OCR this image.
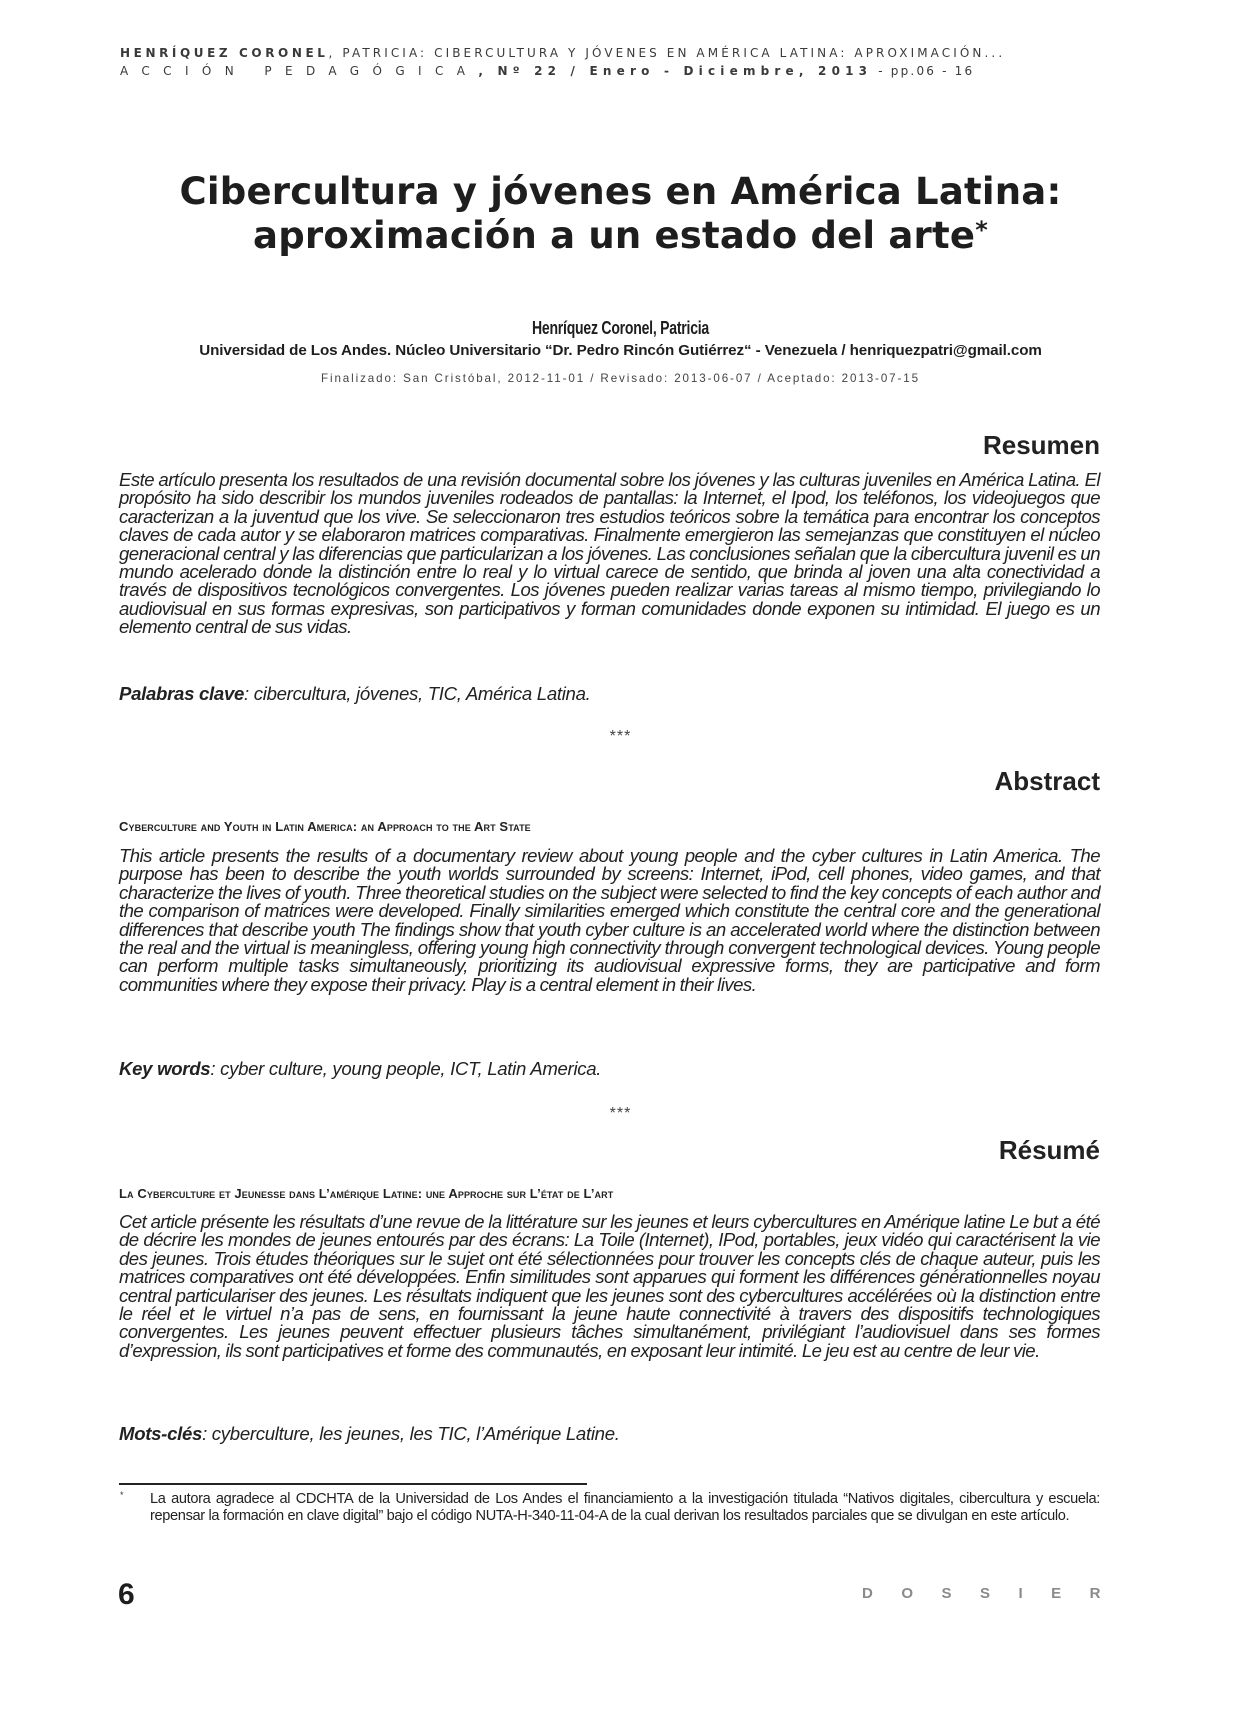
HENRÍQUEZ CORONEL, PATRICIA: CIBERCULTURA Y JÓVENES EN AMÉRICA LATINA: APROXIMACIÓN...
ACCIÓN PEDAGÓGICA, Nº 22 / Enero - Diciembre, 2013 - pp.06 - 16
Cibercultura y jóvenes en América Latina:
aproximación a un estado del arte*
Henríquez Coronel, Patricia
Universidad de Los Andes. Núcleo Universitario “Dr. Pedro Rincón Gutiérrez“ - Venezuela / henriquezpatri@gmail.com
Finalizado: San Cristóbal, 2012-11-01 / Revisado: 2013-06-07 / Aceptado: 2013-07-15
Resumen
Este artículo presenta los resultados de una revisión documental sobre los jóvenes y las culturas juveniles en América Latina. El propósito ha sido describir los mundos juveniles rodeados de pantallas: la Internet, el Ipod, los teléfonos, los videojuegos que caracterizan a la juventud que los vive. Se seleccionaron tres estudios teóricos sobre la temática para encontrar los conceptos claves de cada autor y se elaboraron matrices comparativas. Finalmente emergieron las semejanzas que constituyen el núcleo generacional central y las diferencias que particularizan a los jóvenes. Las conclusiones señalan que la cibercultura juvenil es un mundo acelerado donde la distinción entre lo real y lo virtual carece de sentido, que brinda al joven una alta conectividad a través de dispositivos tecnológicos convergentes. Los jóvenes pueden realizar varias tareas al mismo tiempo, privilegiando lo audiovisual en sus formas expresivas, son participativos y forman comunidades donde exponen su intimidad. El juego es un elemento central de sus vidas.
Palabras clave: cibercultura, jóvenes, TIC, América Latina.
***
Abstract
Cyberculture and Youth in Latin America: an Approach to the Art State
This article presents the results of a documentary review about young people and the cyber cultures in Latin America. The purpose has been to describe the youth worlds surrounded by screens: Internet, iPod, cell phones, video games, and that characterize the lives of youth. Three theoretical studies on the subject were selected to find the key concepts of each author and the comparison of matrices were developed. Finally similarities emerged which constitute the central core and the generational differences that describe youth The findings show that youth cyber culture is an accelerated world where the distinction between the real and the virtual is meaningless, offering young high connectivity through convergent technological devices. Young people can perform multiple tasks simultaneously, prioritizing its audiovisual expressive forms, they are participative and form communities where they expose their privacy. Play is a central element in their lives.
Key words: cyber culture, young people, ICT, Latin America.
***
Résumé
La Cyberculture et Jeunesse dans L’amérique Latine: une Approche sur L’état de L’art
Cet article présente les résultats d’une revue de la littérature sur les jeunes et leurs cybercultures en Amérique latine Le but a été de décrire les mondes de jeunes entourés par des écrans: La Toile (Internet), IPod, portables, jeux vidéo qui caractérisent la vie des jeunes. Trois études théoriques sur le sujet ont été sélectionnées pour trouver les concepts clés de chaque auteur, puis les matrices comparatives ont été développées. Enfin similitudes sont apparues qui forment les différences générationnelles noyau central particulariser des jeunes. Les résultats indiquent que les jeunes sont des cybercultures accélérées où la distinction entre le réel et le virtuel n’a pas de sens, en fournissant la jeune haute connectivité à travers des dispositifs technologiques convergentes. Les jeunes peuvent effectuer plusieurs tâches simultanément, privilégiant l’audiovisuel dans ses formes d’expression, ils sont participatives et forme des communautés, en exposant leur intimité. Le jeu est au centre de leur vie.
Mots-clés: cyberculture, les jeunes, les TIC, l’Amérique Latine.
* La autora agradece al CDCHTA de la Universidad de Los Andes el financiamiento a la investigación titulada “Nativos digitales, cibercultura y escuela: repensar la formación en clave digital” bajo el código NUTA-H-340-11-04-A de la cual derivan los resultados parciales que se divulgan en este artículo.
6	DOSSIER
